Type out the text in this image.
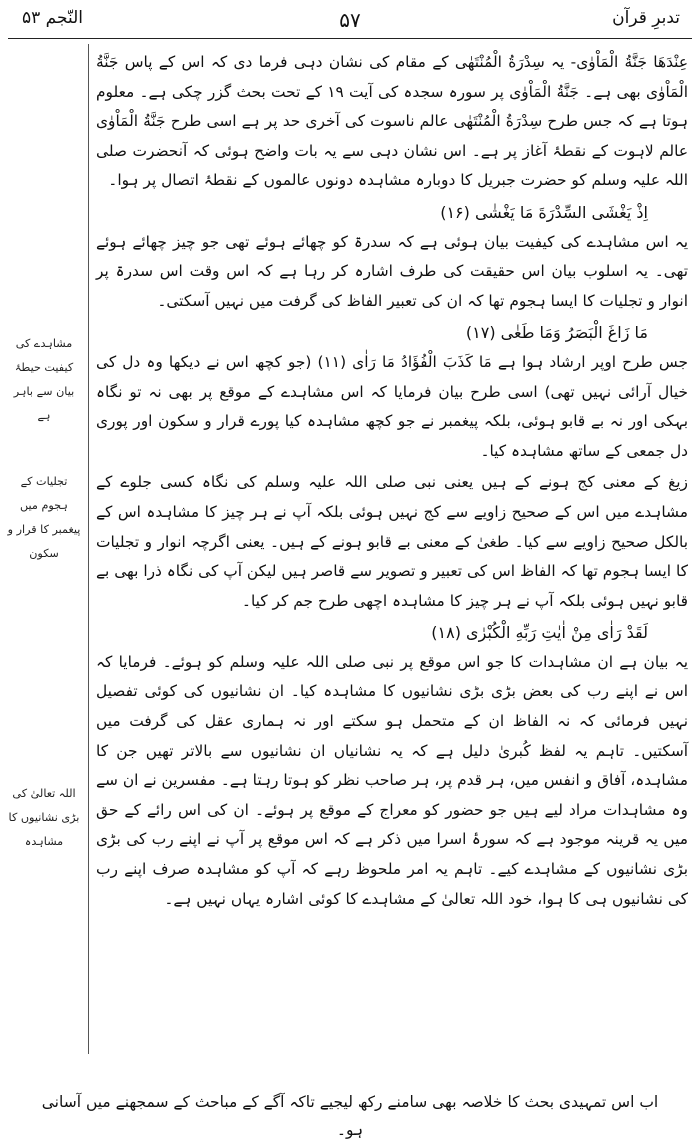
تدبرِ قرآن
۵۷
النّجم ۵۳

عِنْدَهَا جَنَّةُ الْمَاْوٰی- یہ سِدْرَةُ الْمُنْتَهٰی کے مقام کی نشان دہی فرما دی کہ اس کے پاس جَنَّةُ الْمَاْوٰی بھی ہے۔ جَنَّةُ الْمَاْوٰی پر سورہ سجدہ کی آیت ۱۹ کے تحت بحث گزر چکی ہے۔ معلوم ہوتا ہے کہ جس طرح سِدْرَةُ الْمُنْتَهٰی عالم ناسوت کی آخری حد پر ہے اسی طرح جَنَّةُ الْمَاْوٰی عالم لاہوت کے نقطۂ آغاز پر ہے۔ اس نشان دہی سے یہ بات واضح ہوئی کہ آنحضرت صلی اللہ علیہ وسلم کو حضرت جبریل کا دوبارہ مشاہدہ دونوں عالموں کے نقطۂ اتصال پر ہوا۔

اِذْ یَغْشَی السِّدْرَةَ مَا یَغْشٰی (۱۶)

یہ اس مشاہدے کی کیفیت بیان ہوئی ہے کہ سدرۃ کو چھائے ہوئے تھی جو چیز چھائے ہوئے تھی۔ یہ اسلوب بیان اس حقیقت کی طرف اشارہ کر رہا ہے کہ اس وقت اس سدرۃ پر انوار و تجلیات کا ایسا ہجوم تھا کہ ان کی تعبیر الفاظ کی گرفت میں نہیں آسکتی۔

مَا زَاغَ الْبَصَرُ وَمَا طَغٰی (۱۷)

جس طرح اوپر ارشاد ہوا ہے مَا کَذَبَ الْفُؤَادُ مَا رَاٰی (۱۱) (جو کچھ اس نے دیکھا وہ دل کی خیال آرائی نہیں تھی) اسی طرح بیان فرمایا کہ اس مشاہدے کے موقع پر بھی نہ تو نگاہ بہکی اور نہ بے قابو ہوئی، بلکہ پیغمبر نے جو کچھ مشاہدہ کیا پورے قرار و سکون اور پوری دل جمعی کے ساتھ مشاہدہ کیا۔

زیغ کے معنی کج ہونے کے ہیں یعنی نبی صلی اللہ علیہ وسلم کی نگاہ کسی جلوے کے مشاہدے میں اس کے صحیح زاویے سے کج نہیں ہوئی بلکہ آپ نے ہر چیز کا مشاہدہ اس کے بالکل صحیح زاویے سے کیا۔ طغیٰ کے معنی بے قابو ہونے کے ہیں۔ یعنی اگرچہ انوار و تجلیات کا ایسا ہجوم تھا کہ الفاظ اس کی تعبیر و تصویر سے قاصر ہیں لیکن آپ کی نگاہ ذرا بھی بے قابو نہیں ہوئی بلکہ آپ نے ہر چیز کا مشاہدہ اچھی طرح جم کر کیا۔

لَقَدْ رَاٰی مِنْ اٰیٰتِ رَبِّهِ الْکُبْرٰی (۱۸)

یہ بیان ہے ان مشاہدات کا جو اس موقع پر نبی صلی اللہ علیہ وسلم کو ہوئے۔ فرمایا کہ اس نے اپنے رب کی بعض بڑی بڑی نشانیوں کا مشاہدہ کیا۔ ان نشانیوں کی کوئی تفصیل نہیں فرمائی کہ نہ الفاظ ان کے متحمل ہو سکتے اور نہ ہماری عقل کی گرفت میں آسکتیں۔ تاہم یہ لفظ کُبریٰ دلیل ہے کہ یہ نشانیاں ان نشانیوں سے بالاتر تھیں جن کا مشاہدہ، آفاق و انفس میں، ہر قدم پر، ہر صاحب نظر کو ہوتا رہتا ہے۔ مفسرین نے ان سے وہ مشاہدات مراد لیے ہیں جو حضور کو معراج کے موقع پر ہوئے۔ ان کی اس رائے کے حق میں یہ قرینہ موجود ہے کہ سورۂ اسرا میں ذکر ہے کہ اس موقع پر آپ نے اپنے رب کی بڑی بڑی نشانیوں کے مشاہدے کیے۔ تاہم یہ امر ملحوظ رہے کہ آپ کو مشاہدہ صرف اپنے رب کی نشانیوں ہی کا ہوا، خود اللہ تعالیٰ کے مشاہدے کا کوئی اشارہ یہاں نہیں ہے۔

مشاہدے کی کیفیت حیطۂ بیان سے باہر ہے
تجلیات کے ہجوم میں پیغمبر کا قرار و سکون
اللہ تعالیٰ کی بڑی نشانیوں کا مشاہدہ
اب اس تمہیدی بحث کا خلاصہ بھی سامنے رکھ لیجیے تاکہ آگے کے مباحث کے سمجھنے میں آسانی ہو۔
